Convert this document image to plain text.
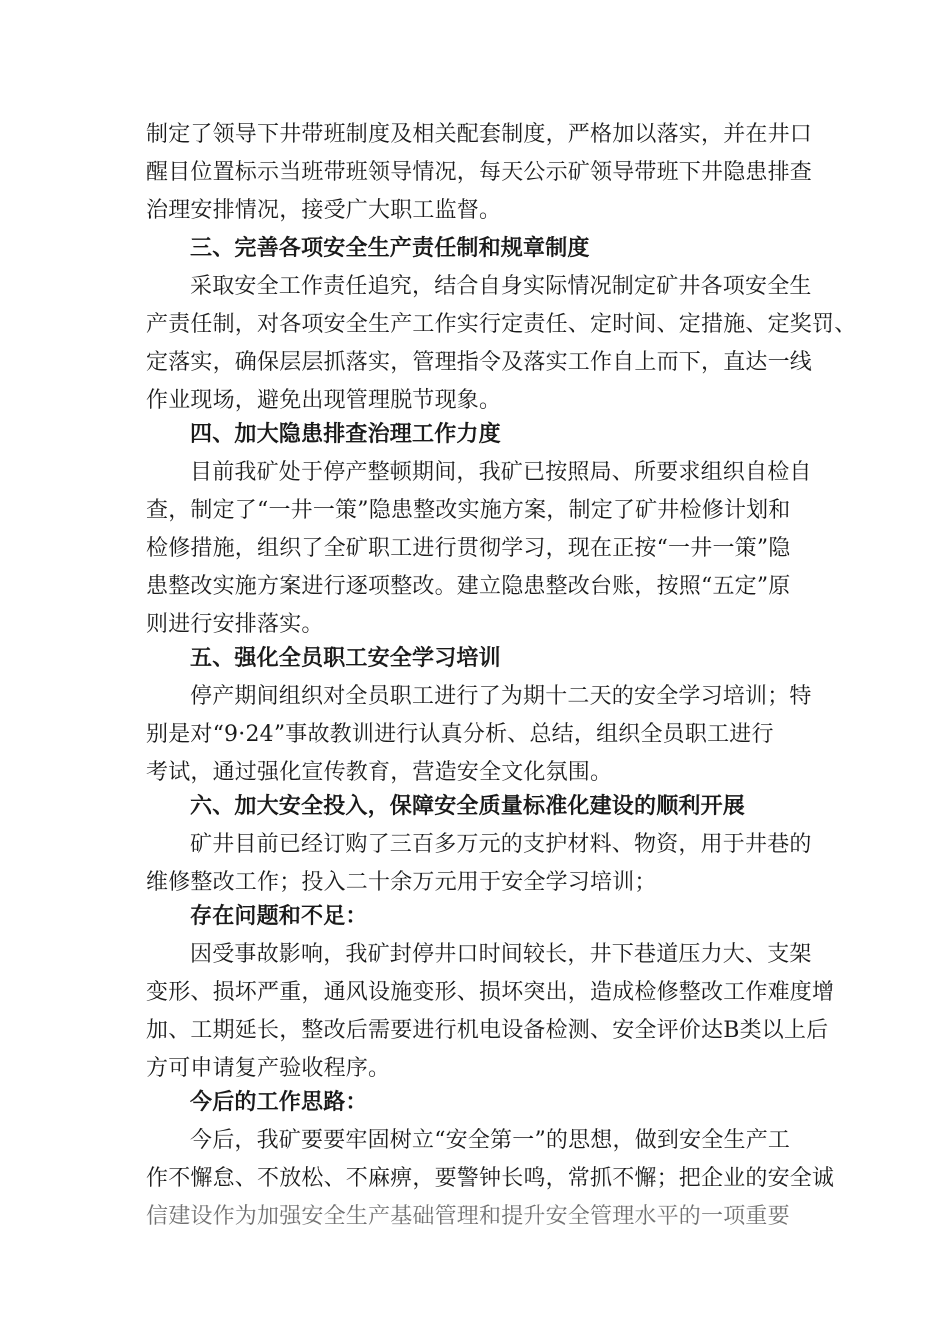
制定了领导下井带班制度及相关配套制度，严格加以落实，并在井口
醒目位置标示当班带班领导情况，每天公示矿领导带班下井隐患排查
治理安排情况，接受广大职工监督。
三、完善各项安全生产责任制和规章制度
采取安全工作责任追究，结合自身实际情况制定矿井各项安全生
产责任制，对各项安全生产工作实行定责任、定时间、定措施、定奖罚、
定落实，确保层层抓落实，管理指令及落实工作自上而下，直达一线
作业现场，避免出现管理脱节现象。
四、加大隐患排查治理工作力度
目前我矿处于停产整顿期间，我矿已按照局、所要求组织自检自
查，制定了“一井一策”隐患整改实施方案，制定了矿井检修计划和
检修措施，组织了全矿职工进行贯彻学习，现在正按“一井一策”隐
患整改实施方案进行逐项整改。建立隐患整改台账，按照“五定”原
则进行安排落实。
五、强化全员职工安全学习培训
停产期间组织对全员职工进行了为期十二天的安全学习培训；特
别是对“9·24”事故教训进行认真分析、总结，组织全员职工进行
考试，通过强化宣传教育，营造安全文化氛围。
六、加大安全投入，保障安全质量标准化建设的顺利开展
矿井目前已经订购了三百多万元的支护材料、物资，用于井巷的
维修整改工作；投入二十余万元用于安全学习培训；
存在问题和不足：
因受事故影响，我矿封停井口时间较长，井下巷道压力大、支架
变形、损坏严重，通风设施变形、损坏突出，造成检修整改工作难度增
加、工期延长，整改后需要进行机电设备检测、安全评价达B类以上后
方可申请复产验收程序。
今后的工作思路：
今后，我矿要要牢固树立“安全第一”的思想，做到安全生产工
作不懈怠、不放松、不麻痹，要警钟长鸣，常抓不懈；把企业的安全诚
信建设作为加强安全生产基础管理和提升安全管理水平的一项重要
